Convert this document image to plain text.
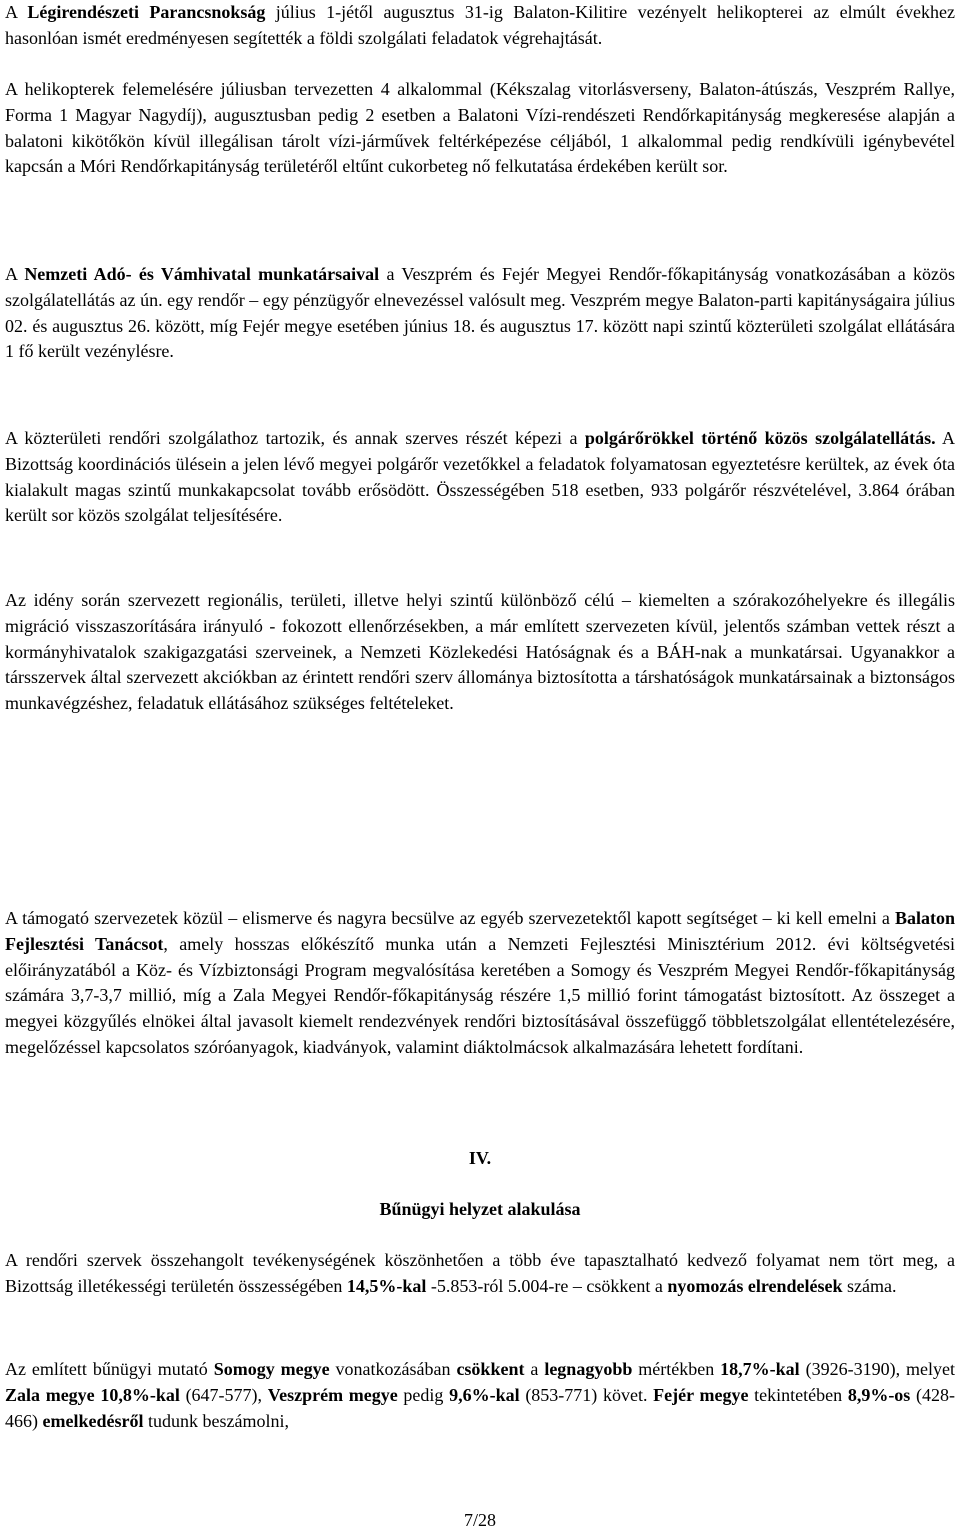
A Légirendészeti Parancsnokság július 1-jétől augusztus 31-ig Balaton-Kilitire vezényelt helikopterei az elmúlt évekhez hasonlóan ismét eredményesen segítették a földi szolgálati feladatok végrehajtását.

A helikopterek felemelésére júliusban tervezetten 4 alkalommal (Kékszalag vitorlásverseny, Balaton-átúszás, Veszprém Rallye, Forma 1 Magyar Nagydíj), augusztusban pedig 2 esetben a Balatoni Vízi-rendészeti Rendőrkapitányság megkeresése alapján a balatoni kikötőkön kívül illegálisan tárolt vízi-járművek feltérképezése céljából, 1 alkalommal pedig rendkívüli igénybevétel kapcsán a Móri Rendőrkapitányság területéről eltűnt cukorbeteg nő felkutatása érdekében került sor.

A Nemzeti Adó- és Vámhivatal munkatársaival a Veszprém és Fejér Megyei Rendőr-főkapitányság vonatkozásában a közös szolgálatellátás az ún. egy rendőr – egy pénzügyőr elnevezéssel valósult meg. Veszprém megye Balaton-parti kapitányságaira július 02. és augusztus 26. között, míg Fejér megye esetében június 18. és augusztus 17. között napi szintű közterületi szolgálat ellátására 1 fő került vezénylésre.

A közterületi rendőri szolgálathoz tartozik, és annak szerves részét képezi a polgárőrökkel történő közös szolgálatellátás. A Bizottság koordinációs ülésein a jelen lévő megyei polgárőr vezetőkkel a feladatok folyamatosan egyeztetésre kerültek, az évek óta kialakult magas szintű munkakapcsolat tovább erősödött. Összességében 518 esetben, 933 polgárőr részvételével, 3.864 órában került sor közös szolgálat teljesítésére.

Az idény során szervezett regionális, területi, illetve helyi szintű különböző célú – kiemelten a szórakozóhelyekre és illegális migráció visszaszorítására irányuló - fokozott ellenőrzésekben, a már említett szervezeten kívül, jelentős számban vettek részt a kormányhivatalok szakigazgatási szerveinek, a Nemzeti Közlekedési Hatóságnak és a BÁH-nak a munkatársai. Ugyanakkor a társszervek által szervezett akciókban az érintett rendőri szerv állománya biztosította a társhatóságok munkatársainak a biztonságos munkavégzéshez, feladatuk ellátásához szükséges feltételeket.

A támogató szervezetek közül – elismerve és nagyra becsülve az egyéb szervezetektől kapott segítséget – ki kell emelni a Balaton Fejlesztési Tanácsot, amely hosszas előkészítő munka után a Nemzeti Fejlesztési Minisztérium 2012. évi költségvetési előirányzatából a Köz- és Vízbiztonsági Program megvalósítása keretében a Somogy és Veszprém Megyei Rendőr-főkapitányság számára 3,7-3,7 millió, míg a Zala Megyei Rendőr-főkapitányság részére 1,5 millió forint támogatást biztosított. Az összeget a megyei közgyűlés elnökei által javasolt kiemelt rendezvények rendőri biztosításával összefüggő többletszolgálat ellentételezésére, megelőzéssel kapcsolatos szóróanyagok, kiadványok, valamint diáktolmácsok alkalmazására lehetett fordítani.

IV.

Bűnügyi helyzet alakulása

A rendőri szervek összehangolt tevékenységének köszönhetően a több éve tapasztalható kedvező folyamat nem tört meg, a Bizottság illetékességi területén összességében 14,5%-kal -5.853-ról 5.004-re – csökkent a nyomozás elrendelések száma.

Az említett bűnügyi mutató Somogy megye vonatkozásában csökkent a legnagyobb mértékben 18,7%-kal (3926-3190), melyet Zala megye 10,8%-kal (647-577), Veszprém megye pedig 9,6%-kal (853-771) követ. Fejér megye tekintetében 8,9%-os (428-466) emelkedésről tudunk beszámolni,

7/28
